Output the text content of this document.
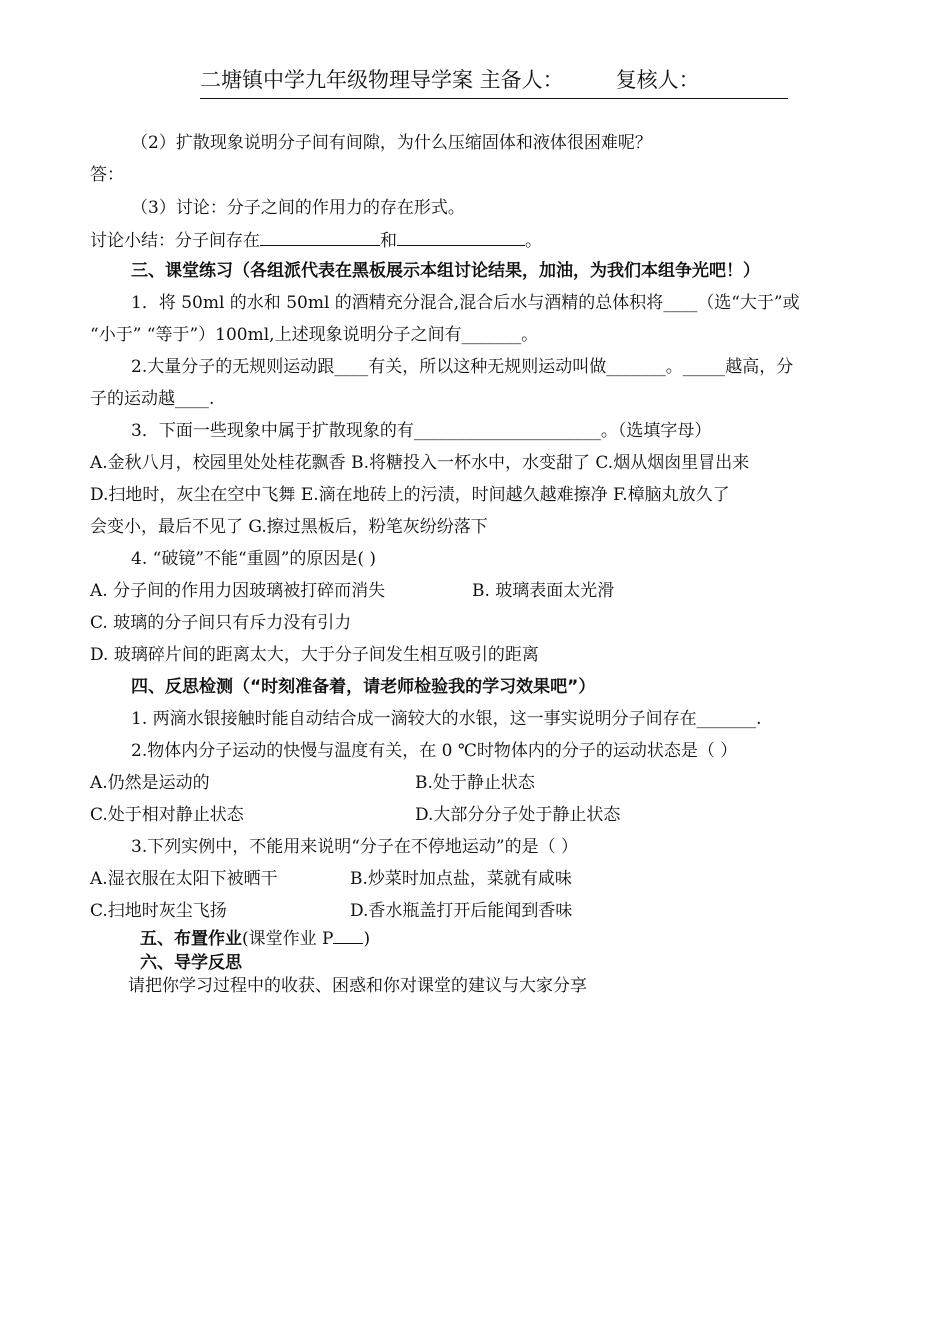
二塘镇中学九年级物理导学案 主备人： 复核人：
（2）扩散现象说明分子间有间隙，为什么压缩固体和液体很困难呢？
答：
（3）讨论：分子之间的作用力的存在形式。
讨论小结：分子间存在	和	。
三、课堂练习（各组派代表在黑板展示本组讨论结果，加油，为我们本组争光吧！）
1．将 50ml 的水和 50ml 的酒精充分混合,混合后水与酒精的总体积将____（选“大于”或
“小于” “等于”）100ml,上述现象说明分子之间有_______。
2.大量分子的无规则运动跟____有关，所以这种无规则运动叫做_______。_____越高，分
子的运动越____.
3．下面一些现象中属于扩散现象的有______________________。（选填字母）
A.金秋八月，校园里处处桂花飘香 B.将糖投入一杯水中，水变甜了 C.烟从烟囱里冒出来
D.扫地时，灰尘在空中飞舞 E.滴在地砖上的污渍，时间越久越难擦净 F.樟脑丸放久了
会变小，最后不见了 G.擦过黑板后，粉笔灰纷纷落下
4. “破镜”不能“重圆”的原因是( )
A. 分子间的作用力因玻璃被打碎而消失	B. 玻璃表面太光滑
C. 玻璃的分子间只有斥力没有引力
D. 玻璃碎片间的距离太大，大于分子间发生相互吸引的距离
四、反思检测（“时刻准备着，请老师检验我的学习效果吧”）
1. 两滴水银接触时能自动结合成一滴较大的水银，这一事实说明分子间存在_______.
2.物体内分子运动的快慢与温度有关，在 0 ℃时物体内的分子的运动状态是（ ）
A.仍然是运动的	B.处于静止状态
C.处于相对静止状态	D.大部分分子处于静止状态
3.下列实例中，不能用来说明“分子在不停地运动”的是（ ）
A.湿衣服在太阳下被晒干	B.炒菜时加点盐，菜就有咸味
C.扫地时灰尘飞扬	D.香水瓶盖打开后能闻到香味
五、布置作业(课堂作业 P )
六、导学反思
请把你学习过程中的收获、困惑和你对课堂的建议与大家分享
